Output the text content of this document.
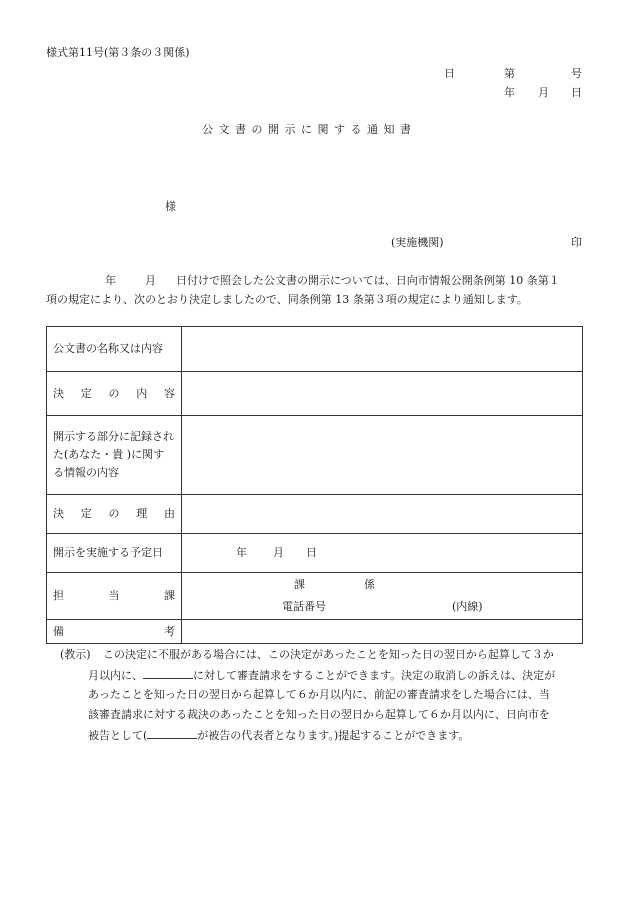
様式第11号(第３条の３関係)
日	第	号
年 月 日
公 文 書 の 開 示 に 関 す る 通 知 書
様
(実施機関)	印
年	月 日付けで照会した公文書の開示については、日向市情報公開条例第 10 条第１
項の規定により、次のとおり決定しましたので、同条例第 13 条第３項の規定により通知します。
公文書の名称又は内容	
決 定 の 内 容	
開示する部分に記録された(あなた・貴 )に関する情報の内容	
決 定 の 理 由	
開示を実施する予定日	年 月 日

担 当 課	課 係
電話番号 (内線)

備 考	
(教示) この決定に不服がある場合には、この決定があったことを知った日の翌日から起算して３か
月以内に、	に対して審査請求をすることができます。決定の取消しの訴えは、決定が
あったことを知った日の翌日から起算して６か月以内に、前記の審査請求をした場合には、当
該審査請求に対する裁決のあったことを知った日の翌日から起算して６か月以内に、日向市を
被告として(	が被告の代表者となります。)提起することができます。
